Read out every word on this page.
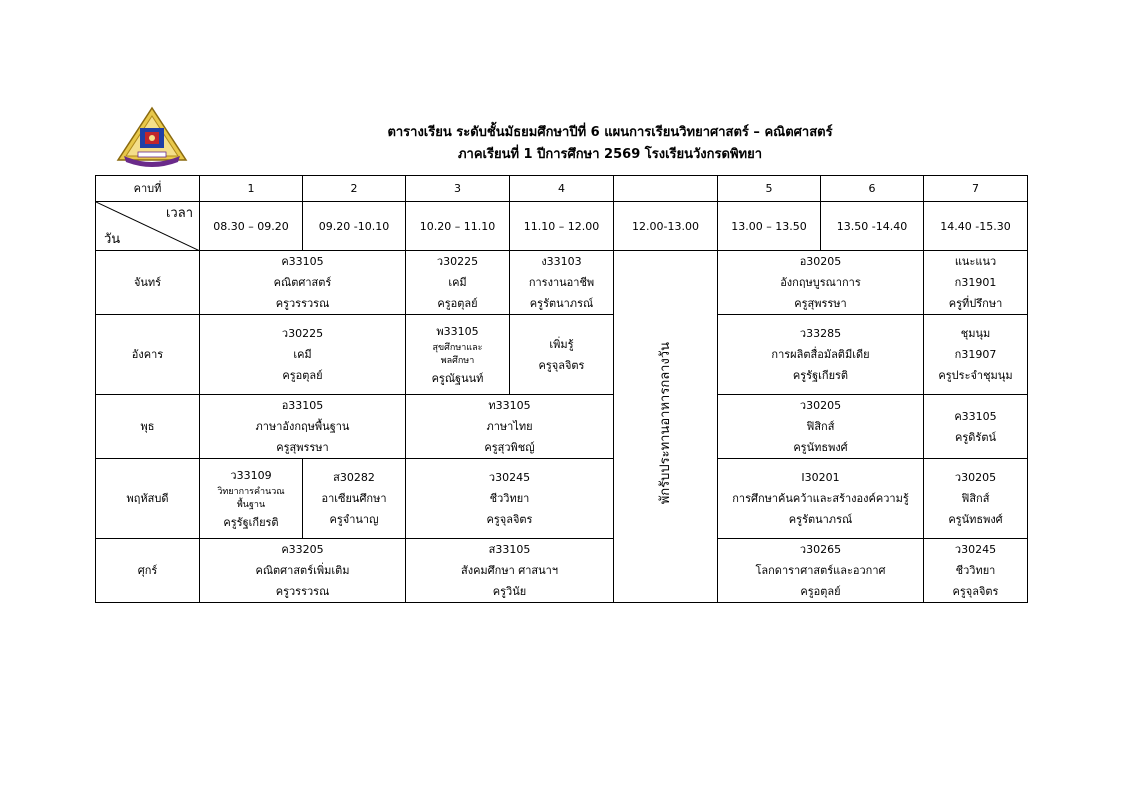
ตารางเรียน ระดับชั้นมัธยมศึกษาปีที่ 6 แผนการเรียนวิทยาศาสตร์ – คณิตศาสตร์
ภาคเรียนที่ 1 ปีการศึกษา 2569 โรงเรียนวังกรดพิทยา
คาบที่	1	2	3	4		5	6	7

เวลา
วัน	08.30 – 09.20	09.20 -10.10	10.20 – 11.10	11.10 – 12.00	12.00-13.00	13.00 – 13.50	13.50 -14.40	14.40 -15.30
จันทร์	ค33105
คณิตศาสตร์
ครูวรรวรณ		ว30225
เคมี
ครูอตุลย์	ง33103
การงานอาชีพ
ครูรัตนาภรณ์	พักรับประทานอาหารกลางวัน	อ30205
อังกฤษบูรณาการ
ครูสุพรรษา		แนะแนว
ก31901
ครูที่ปรึกษา

อังคาร	ว30225
เคมี
ครูอตุลย์		พ33105
สุขศึกษาและ
พลศึกษา
ครูณัฐนนท์	เพิ่มรู้
ครูจุลจิตร		ว33285
การผลิตสื่อมัลติมีเดีย
ครูรัฐเกียรติ		ชุมนุม
ก31907
ครูประจำชุมนุม

พุธ	อ33105
ภาษาอังกฤษพื้นฐาน
ครูสุพรรษา		ท33105
ภาษาไทย
ครูสุวพิชญ์			ว30205
ฟิสิกส์
ครูนัทธพงศ์		ค33105
ครูดิรัตน์

พฤหัสบดี	ว33109
วิทยาการคำนวณ
พื้นฐาน
ครูรัฐเกียรติ	ส30282
อาเซียนศึกษา
ครูจำนาญ	ว30245
ชีววิทยา
ครูจุลจิตร			I30201
การศึกษาค้นคว้าและสร้างองค์ความรู้
ครูรัตนาภรณ์		ว30205
ฟิสิกส์
ครูนัทธพงศ์

ศุกร์	ค33205
คณิตศาสตร์เพิ่มเติม
ครูวรรวรณ		ส33105
สังคมศึกษา ศาสนาฯ
ครูวินัย			ว30265
โลกดาราศาสตร์และอวกาศ
ครูอตุลย์		ว30245
ชีววิทยา
ครูจุลจิตร
